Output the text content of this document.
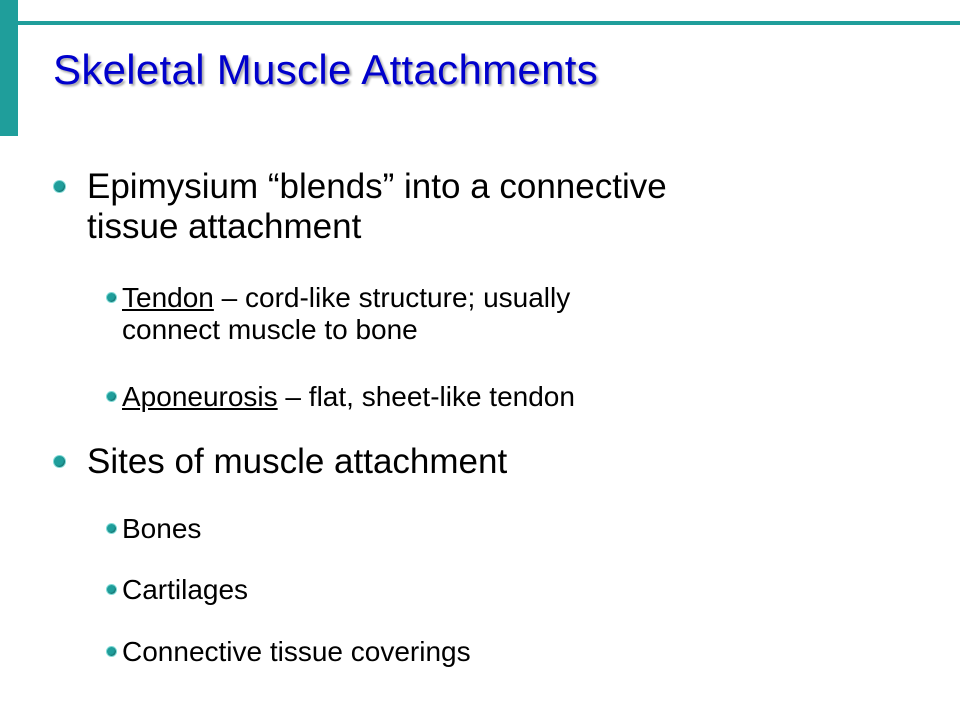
Skeletal Muscle Attachments
Epimysium “blends” into a connective
tissue attachment
Tendon – cord-like structure; usually
connect muscle to bone
Aponeurosis – flat, sheet-like tendon
Sites of muscle attachment
Bones
Cartilages
Connective tissue coverings
